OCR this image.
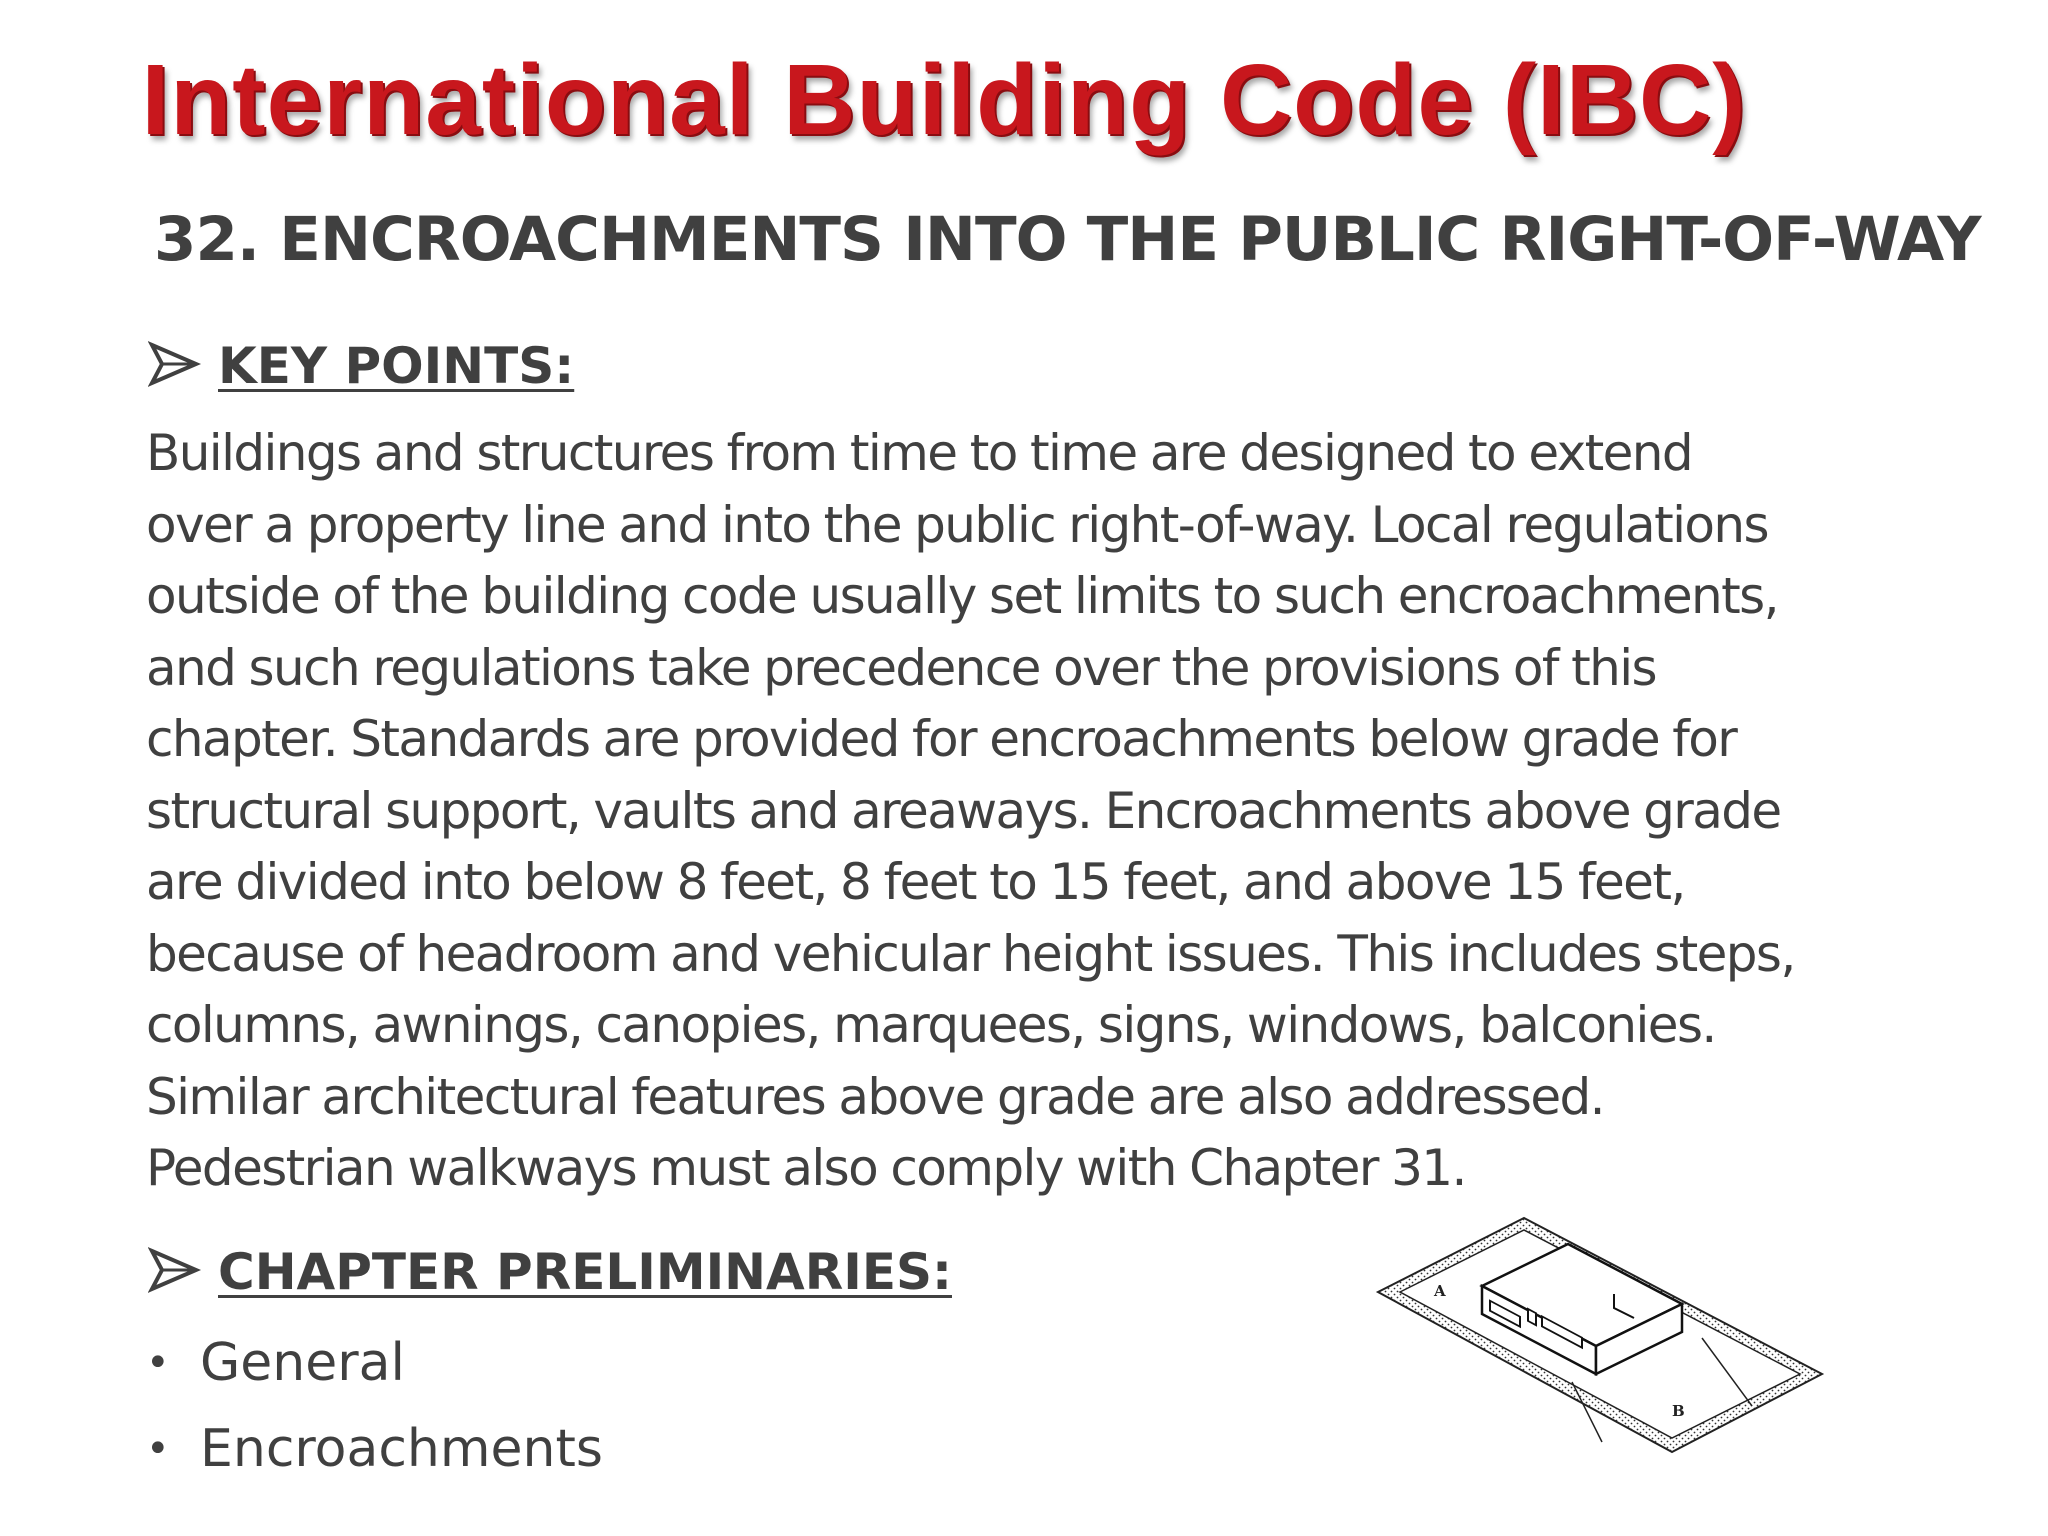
International Building Code (IBC)
32. ENCROACHMENTS INTO THE PUBLIC RIGHT-OF-WAY
KEY POINTS:

Buildings and structures from time to time are designed to extend
over a property line and into the public right-of-way. Local regulations
outside of the building code usually set limits to such encroachments,
and such regulations take precedence over the provisions of this
chapter. Standards are provided for encroachments below grade for
structural support, vaults and areaways. Encroachments above grade
are divided into below 8 feet, 8 feet to 15 feet, and above 15 feet,
because of headroom and vehicular height issues. This includes steps,
columns, awnings, canopies, marquees, signs, windows, balconies.
Similar architectural features above grade are also addressed.
Pedestrian walkways must also comply with Chapter 31.

CHAPTER PRELIMINARIES:
• General
• Encroachments
A
B
